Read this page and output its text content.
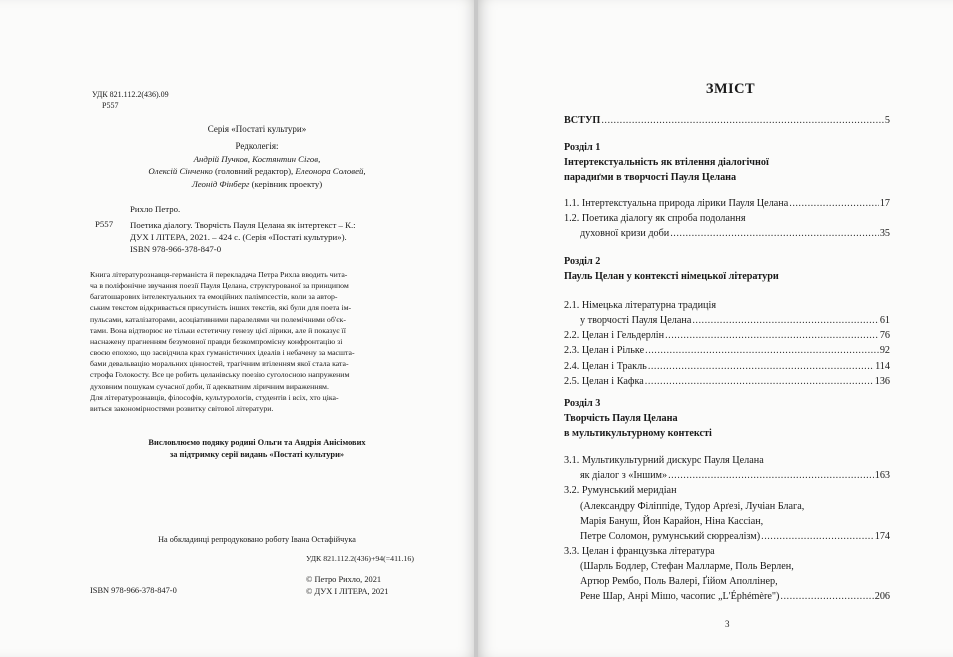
УДК 821.112.2(436).09
Р557
Серія «Постаті культури»
Редколегія:
Андрій Пучков, Костянтин Сігов,
Олексій Сінченко (головний редактор), Елеонора Соловей,
Леонід Фінберг (керівник проекту)
Рихло Петро.
Р557 Поетика діалогу. Творчість Пауля Целана як інтертекст – К.:
ДУХ І ЛІТЕРА, 2021. – 424 с. (Серія «Постаті культури»).
ISBN 978-966-378-847-0
Книга літературознавця-германіста й перекладача Петра Рихла вводить чита-
ча в поліфонічне звучання поезії Пауля Целана, структурованої за принципом
багатошарових інтелектуальних та емоційних палімпсестів, коли за автор-
ським текстом відкривається присутність інших текстів, які були для поета ім-
пульсами, каталізаторами, асоціативними паралелями чи полемічними об'єк-
тами. Вона відтворює не тільки естетичну генезу цієї лірики, але й показує її
наснажену прагненням безумовної правди безкомпромісну конфронтацію зі
своєю епохою, що засвідчила крах гуманістичних ідеалів і небачену за масшта-
бами девальвацію моральних цінностей, трагічним втіленням якої стала ката-
строфа Голокосту. Все це робить целанівську поезію суголосною напруженим
духовним пошукам сучасної доби, її адекватним ліричним вираженням.
Для літературознавців, філософів, культурологів, студентів і всіх, хто ціка-
виться закономірностями розвитку світової літератури.
Висловлюємо подяку родині Ольги та Андрія Анісімових
за підтримку серії видань «Постаті культури»
На обкладинці репродуковано роботу Івана Остафійчука
УДК 821.112.2(436)+94(=411.16)
© Петро Рихло, 2021
© ДУХ І ЛІТЕРА, 2021
ISBN 978-966-378-847-0
ЗМІСТ
ВСТУП .....	5
Розділ 1
Інтертекстуальність як втілення діалогічної
парадиґми в творчості Пауля Целана
1.1. Інтертекстуальна природа лірики Пауля Целана .....	17
1.2. Поетика діалогу як спроба подолання
духовної кризи доби .....	35
Розділ 2
Пауль Целан у контексті німецької літератури
2.1. Німецька літературна традиція
у творчості Пауля Целана .....	61
2.2. Целан і Гельдерлін .....	76
2.3. Целан і Рільке .....	92
2.4. Целан і Тракль .....	114
2.5. Целан і Кафка .....	136
Розділ 3
Творчість Пауля Целана
в мультикультурному контексті
3.1. Мультикультурний дискурс Пауля Целана
як діалог з «Іншим» .....	163
3.2. Румунський меридіан
(Александру Філіппіде, Тудор Арґезі, Лучіан Блага,
Марія Бануш, Йон Карайон, Ніна Кассіан,
Петре Соломон, румунський сюрреалізм) .....	174
3.3. Целан і французька література
(Шарль Бодлер, Стефан Малларме, Поль Верлен,
Артюр Рембо, Поль Валері, Ґійом Аполлінер,
Рене Шар, Анрі Мішо, часопис „L'Éphémère") .....	206
3
